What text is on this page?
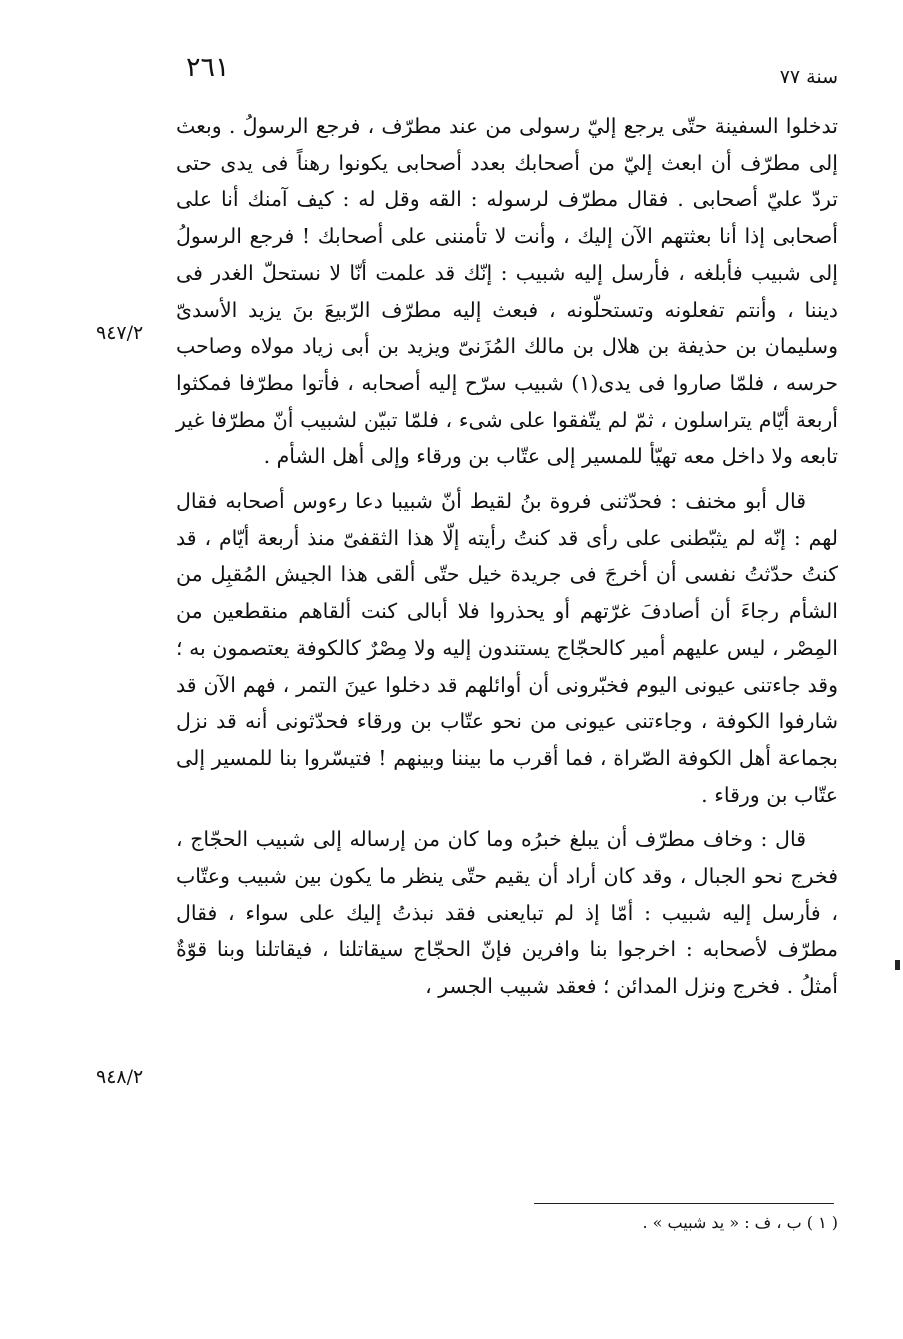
٢٦١	سنة ٧٧

تدخلوا السفينة حتّى يرجع إليّ رسولى من عند مطرّف ، فرجع الرسولُ . وبعث إلى مطرّف أن ابعث إليّ من أصحابك بعدد أصحابى يكونوا رهناً فى يدى حتى تردّ عليّ أصحابى . فقال مطرّف لرسوله : القه وقل له : كيف آمنك أنا على أصحابى إذا أنا بعثتهم الآن إليك ، وأنت لا تأمننى على أصحابك ! فرجع الرسولُ إلى شبيب فأبلغه ، فأرسل إليه شبيب : إنّك قد علمت أنّا لا نستحلّ الغدر فى ديننا ، وأنتم تفعلونه وتستحلّونه ، فبعث إليه مطرّف الرّبيعَ بنَ يزيد الأسدىّ وسليمان بن حذيفة بن هلال بن مالك المُزَنىّ ويزيد بن أبى زياد مولاه وصاحب حرسه ، فلمّا صاروا فى يدى(١) شبيب سرّح إليه أصحابه ، فأتوا مطرّفا فمكثوا أربعة أيّام يتراسلون ، ثمّ لم يتّفقوا على شىء ، فلمّا تبيّن لشبيب أنّ مطرّفا غير تابعه ولا داخل معه تهيّأ للمسير إلى عتّاب بن ورقاء وإلى أهل الشأم .

قال أبو مخنف : فحدّثنى فروة بنُ لقيط أنّ شبيبا دعا رءوس أصحابه فقال لهم : إنّه لم يثبّطنى على رأى قد كنتُ رأيته إلّا هذا الثقفىّ منذ أربعة أيّام ، قد كنتُ حدّثتُ نفسى أن أخرجَ فى جريدة خيل حتّى ألقى هذا الجيش المُقبِل من الشأم رجاءَ أن أصادفَ غرّتهم أو يحذروا فلا أبالى كنت ألقاهم منقطعين من المِصْر ، ليس عليهم أمير كالحجّاج يستندون إليه ولا مِصْرٌ كالكوفة يعتصمون به ؛ وقد جاءتنى عيونى اليوم فخبّرونى أن أوائلهم قد دخلوا عينَ التمر ، فهم الآن قد شارفوا الكوفة ، وجاءتنى عيونى من نحو عتّاب بن ورقاء فحدّثونى أنه قد نزل بجماعة أهل الكوفة الصّراة ، فما أقرب ما بيننا وبينهم ! فتيسّروا بنا للمسير إلى عتّاب بن ورقاء .

قال : وخاف مطرّف أن يبلغ خبرُه وما كان من إرساله إلى شبيب الحجّاج ، فخرج نحو الجبال ، وقد كان أراد أن يقيم حتّى ينظر ما يكون بين شبيب وعتّاب ، فأرسل إليه شبيب : أمّا إذ لم تبايعنى فقد نبذتُ إليك على سواء ، فقال مطرّف لأصحابه : اخرجوا بنا وافرين فإنّ الحجّاج سيقاتلنا ، فيقاتلنا وبنا قوّةٌ أمثلُ . فخرج ونزل المدائن ؛ فعقد شبيب الجسر ،

٩٤٧/٢
٩٤٨/٢
( ١ ) ب ، ف : « يد شبيب » .
